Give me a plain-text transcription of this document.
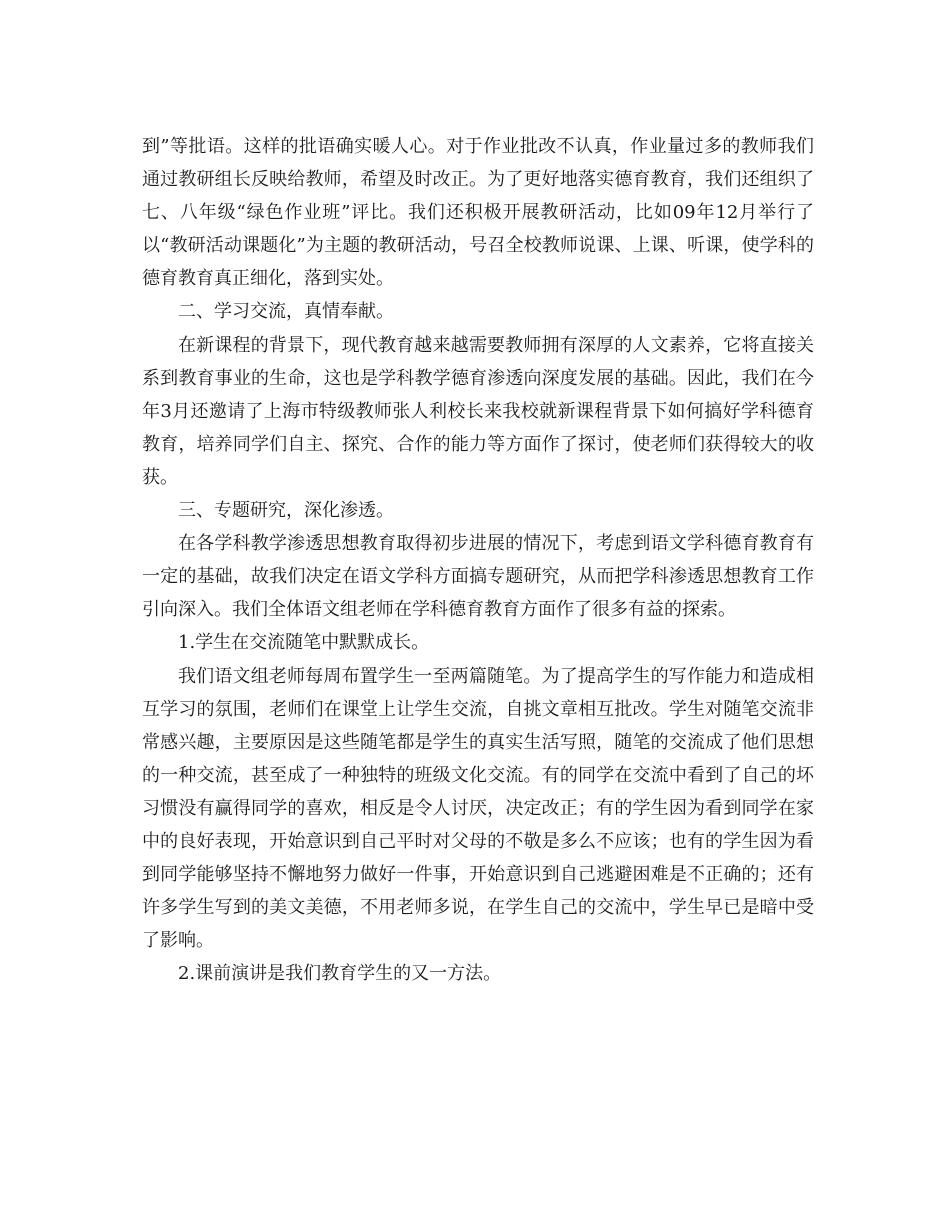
到”等批语。这样的批语确实暖人心。对于作业批改不认真，作业量过多的教师我们通过教研组长反映给教师，希望及时改正。为了更好地落实德育教育，我们还组织了七、八年级“绿色作业班”评比。我们还积极开展教研活动，比如09年12月举行了以“教研活动课题化”为主题的教研活动，号召全校教师说课、上课、听课，使学科的德育教育真正细化，落到实处。

二、学习交流，真情奉献。

在新课程的背景下，现代教育越来越需要教师拥有深厚的人文素养，它将直接关系到教育事业的生命，这也是学科教学德育渗透向深度发展的基础。因此，我们在今年3月还邀请了上海市特级教师张人利校长来我校就新课程背景下如何搞好学科德育教育，培养同学们自主、探究、合作的能力等方面作了探讨，使老师们获得较大的收获。

三、专题研究，深化渗透。

在各学科教学渗透思想教育取得初步进展的情况下，考虑到语文学科德育教育有一定的基础，故我们决定在语文学科方面搞专题研究，从而把学科渗透思想教育工作引向深入。我们全体语文组老师在学科德育教育方面作了很多有益的探索。

1.学生在交流随笔中默默成长。

我们语文组老师每周布置学生一至两篇随笔。为了提高学生的写作能力和造成相互学习的氛围，老师们在课堂上让学生交流，自挑文章相互批改。学生对随笔交流非常感兴趣，主要原因是这些随笔都是学生的真实生活写照，随笔的交流成了他们思想的一种交流，甚至成了一种独特的班级文化交流。有的同学在交流中看到了自己的坏习惯没有赢得同学的喜欢，相反是令人讨厌，决定改正；有的学生因为看到同学在家中的良好表现，开始意识到自己平时对父母的不敬是多么不应该；也有的学生因为看到同学能够坚持不懈地努力做好一件事，开始意识到自己逃避困难是不正确的；还有许多学生写到的美文美德，不用老师多说，在学生自己的交流中，学生早已是暗中受了影响。

2.课前演讲是我们教育学生的又一方法。
